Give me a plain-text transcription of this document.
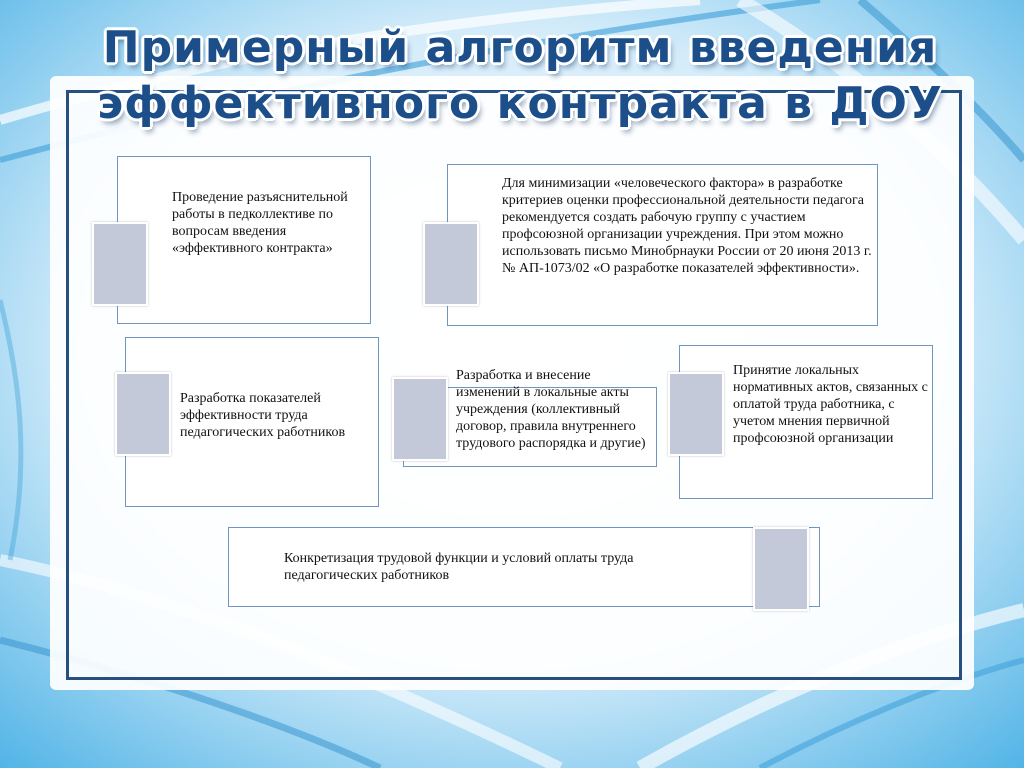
Примерный алгоритм введения
эффективного контракта в ДОУ
Проведение разъяснительной работы в педколлективе по вопросам введения «эффективного контракта»
Для минимизации «человеческого фактора» в разработке критериев оценки профессиональной деятельности педагога рекомендуется создать рабочую группу с участием профсоюзной организации учреждения. При этом можно использовать письмо Минобрнауки России от 20 июня 2013 г. № АП-1073/02 «О разработке показателей эффективности».
Разработка показателей эффективности труда педагогических работников
Разработка и внесение изменений в локальные акты учреждения (коллективный договор, правила внутреннего трудового распорядка и другие)
Принятие локальных нормативных актов, связанных с оплатой труда работника, с учетом мнения первичной профсоюзной организации
Конкретизация трудовой функции и условий оплаты труда педагогических работников
